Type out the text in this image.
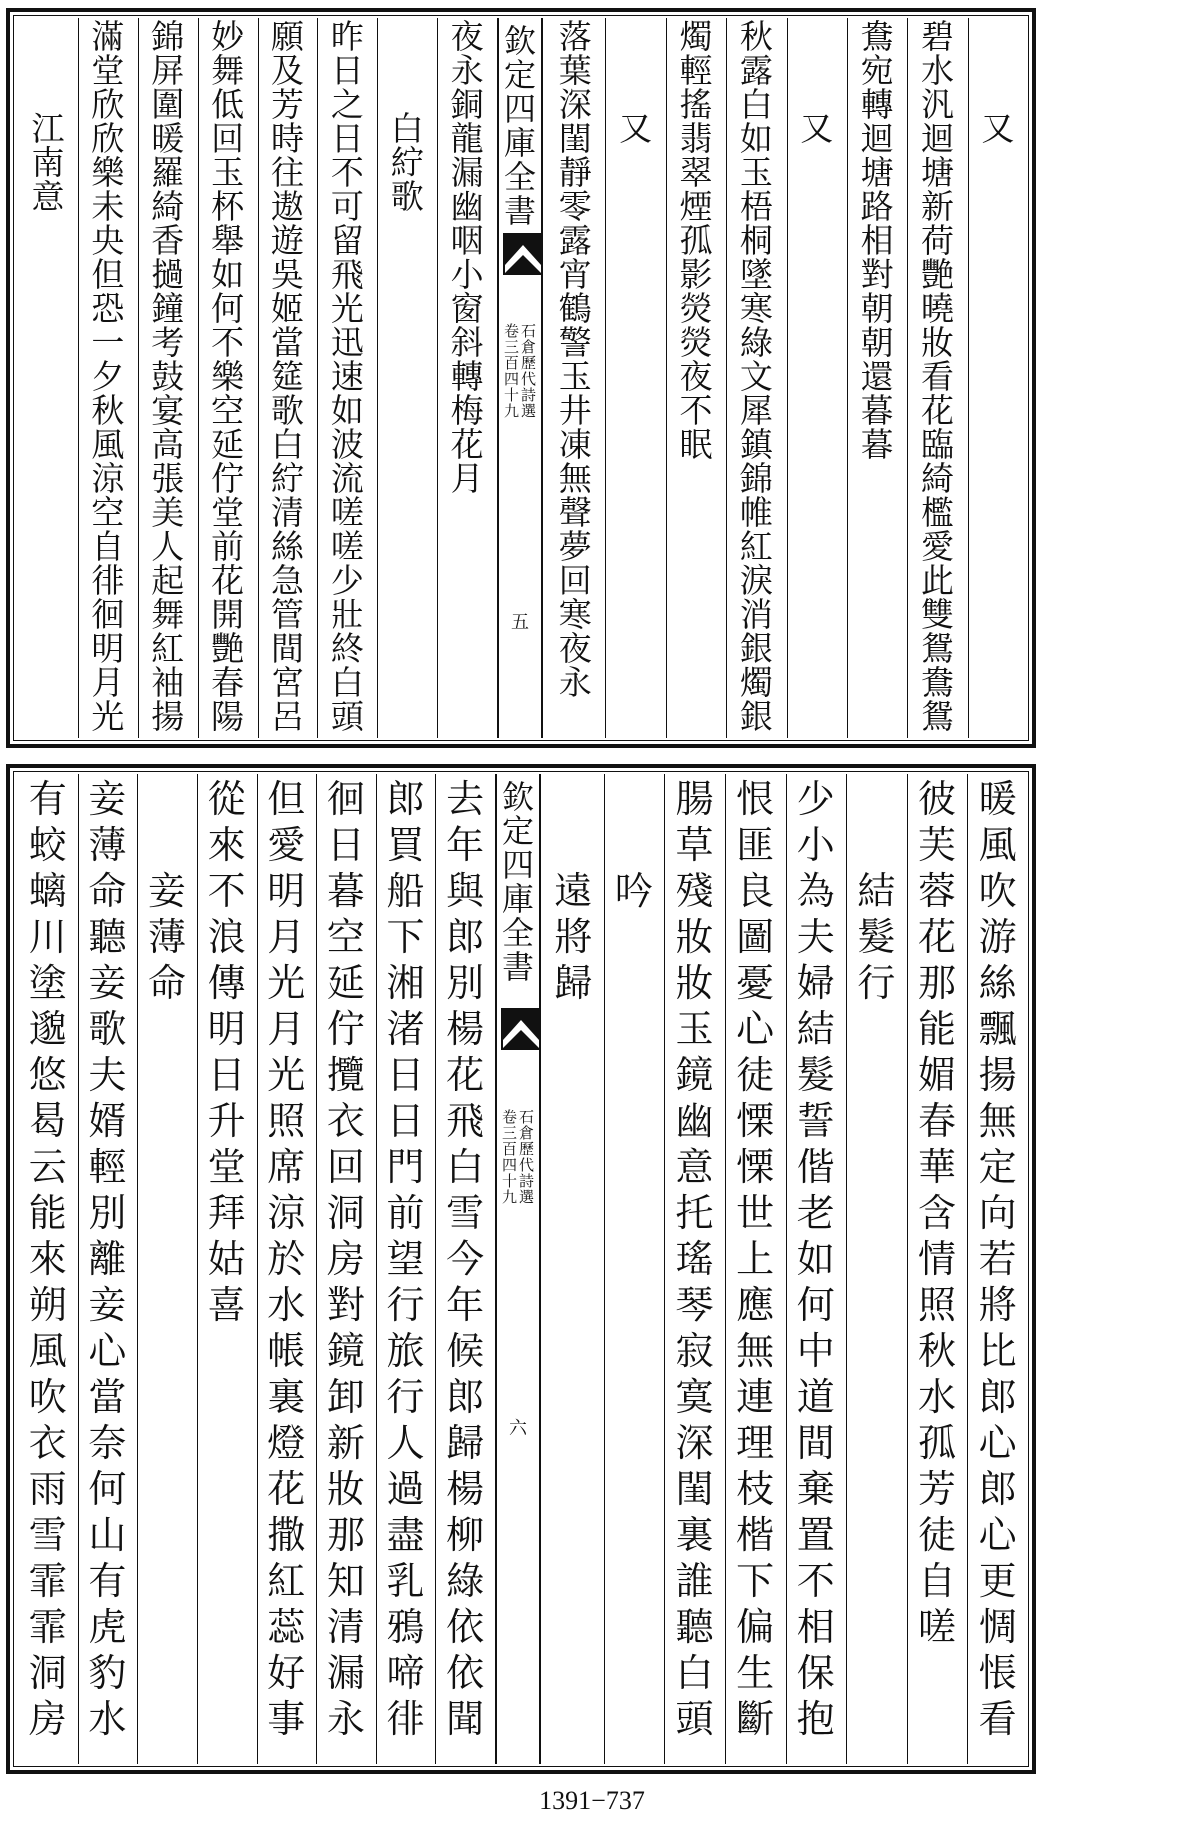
欽
定
四
庫
全
書
石
倉
歷
代
詩
選
卷
三
百
四
十
九
五
又
碧
水
汎
迴
塘
新
荷
艷
曉
妝
看
花
臨
綺
檻
愛
此
雙
鴛
鴦
鴛
鴦
宛
轉
迴
塘
路
相
對
朝
朝
還
暮
暮
又
秋
露
白
如
玉
梧
桐
墜
寒
綠
文
犀
鎮
錦
帷
紅
淚
消
銀
燭
銀
燭
輕
搖
翡
翠
煙
孤
影
熒
熒
夜
不
眠
又
落
葉
深
閨
靜
零
露
宵
鶴
警
玉
井
凍
無
聲
夢
回
寒
夜
永
夜
永
銅
龍
漏
幽
咽
小
窗
斜
轉
梅
花
月
白
紵
歌
昨
日
之
日
不
可
留
飛
光
迅
速
如
波
流
嗟
嗟
少
壯
終
白
頭
願
及
芳
時
往
遨
遊
吳
姬
當
筵
歌
白
紵
清
絲
急
管
間
宮
呂
妙
舞
低
回
玉
杯
舉
如
何
不
樂
空
延
佇
堂
前
花
開
艷
春
陽
錦
屏
圍
暖
羅
綺
香
撾
鐘
考
鼓
宴
高
張
美
人
起
舞
紅
袖
揚
滿
堂
欣
欣
樂
未
央
但
恐
一
夕
秋
風
涼
空
自
徘
徊
明
月
光
江
南
意
欽
定
四
庫
全
書
石
倉
歷
代
詩
選
卷
三
百
四
十
九
六
暖
風
吹
游
絲
飄
揚
無
定
向
若
將
比
郎
心
郎
心
更
惆
悵
看
彼
芙
蓉
花
那
能
媚
春
華
含
情
照
秋
水
孤
芳
徒
自
嗟
結
髮
行
少
小
為
夫
婦
結
髮
誓
偕
老
如
何
中
道
間
棄
置
不
相
保
抱
恨
匪
良
圖
憂
心
徒
慄
慄
世
上
應
無
連
理
枝
楷
下
偏
生
斷
腸
草
殘
妝
妝
玉
鏡
幽
意
托
瑤
琴
寂
寞
深
閨
裏
誰
聽
白
頭
吟
遠
將
歸
去
年
與
郎
別
楊
花
飛
白
雪
今
年
候
郎
歸
楊
柳
綠
依
依
聞
郎
買
船
下
湘
渚
日
日
門
前
望
行
旅
行
人
過
盡
乳
鴉
啼
徘
徊
日
暮
空
延
佇
攬
衣
回
洞
房
對
鏡
卸
新
妝
那
知
清
漏
永
但
愛
明
月
光
月
光
照
席
涼
於
水
帳
裏
燈
花
撒
紅
蕊
好
事
從
來
不
浪
傳
明
日
升
堂
拜
姑
喜
妾
薄
命
妾
薄
命
聽
妾
歌
夫
婿
輕
別
離
妾
心
當
奈
何
山
有
虎
豹
水
有
蛟
螭
川
塗
邈
悠
曷
云
能
來
朔
風
吹
衣
雨
雪
霏
霏
洞
房
1391−737
